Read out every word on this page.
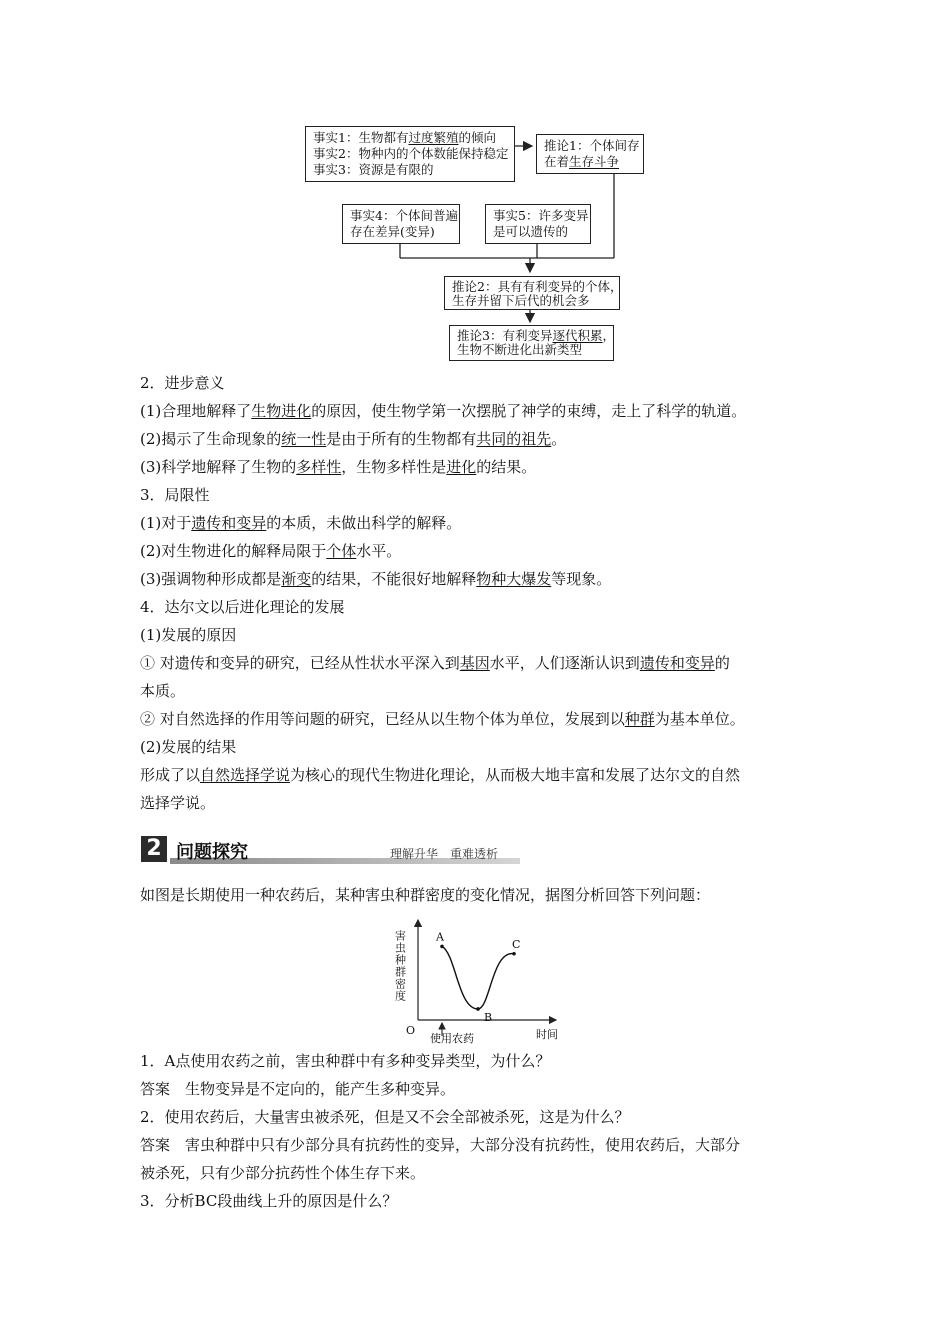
事实1：生物都有过度繁殖的倾向
事实2：物种内的个体数能保持稳定
事实3：资源是有限的
推论1：个体间存
在着生存斗争
事实4：个体间普遍
存在差异(变异)
事实5：许多变异
是可以遗传的
推论2：具有有利变异的个体，
生存并留下后代的机会多
推论3：有利变异逐代积累，
生物不断进化出新类型
2．进步意义
(1)合理地解释了生物进化的原因，使生物学第一次摆脱了神学的束缚，走上了科学的轨道。
(2)揭示了生命现象的统一性是由于所有的生物都有共同的祖先。
(3)科学地解释了生物的多样性，生物多样性是进化的结果。
3．局限性
(1)对于遗传和变异的本质，未做出科学的解释。
(2)对生物进化的解释局限于个体水平。
(3)强调物种形成都是渐变的结果，不能很好地解释物种大爆发等现象。
4．达尔文以后进化理论的发展
(1)发展的原因
① 对遗传和变异的研究，已经从性状水平深入到基因水平，人们逐渐认识到遗传和变异的
本质。
② 对自然选择的作用等问题的研究，已经从以生物个体为单位，发展到以种群为基本单位。
(2)发展的结果
形成了以自然选择学说为核心的现代生物进化理论，从而极大地丰富和发展了达尔文的自然
选择学说。
2 问题探究	理解升华　重难透析
如图是长期使用一种农药后，某种害虫种群密度的变化情况，据图分析回答下列问题：
A
B
C
使用农药
O	时间
害虫种群密度
1．A点使用农药之前，害虫种群中有多种变异类型，为什么？
答案　 生物变异是不定向的，能产生多种变异。
2．使用农药后，大量害虫被杀死，但是又不会全部被杀死，这是为什么？
答案　 害虫种群中只有少部分具有抗药性的变异，大部分没有抗药性，使用农药后，大部分
被杀死，只有少部分抗药性个体生存下来。
3．分析BC段曲线上升的原因是什么？
